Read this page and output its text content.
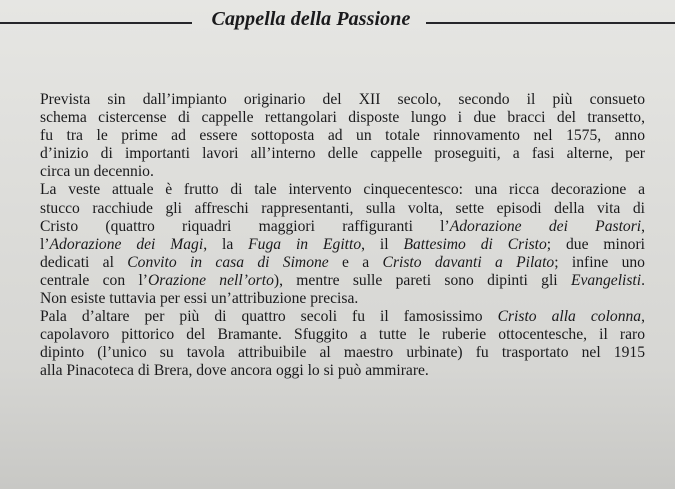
Cappella della Passione
Prevista sin dall’impianto originario del XII secolo, secondo il più consueto
schema cistercense di cappelle rettangolari disposte lungo i due bracci del transetto,
fu tra le prime ad essere sottoposta ad un totale rinnovamento nel 1575, anno
d’inizio di importanti lavori all’interno delle cappelle proseguiti, a fasi alterne, per
circa un decennio.
La veste attuale è frutto di tale intervento cinquecentesco: una ricca decorazione a
stucco racchiude gli affreschi rappresentanti, sulla volta, sette episodi della vita di
Cristo (quattro riquadri maggiori raffiguranti l’Adorazione dei Pastori,
l’Adorazione dei Magi, la Fuga in Egitto, il Battesimo di Cristo; due minori
dedicati al Convito in casa di Simone e a Cristo davanti a Pilato; infine uno
centrale con l’Orazione nell’orto), mentre sulle pareti sono dipinti gli Evangelisti.
Non esiste tuttavia per essi un’attribuzione precisa.
Pala d’altare per più di quattro secoli fu il famosissimo Cristo alla colonna,
capolavoro pittorico del Bramante. Sfuggito a tutte le ruberie ottocentesche, il raro
dipinto (l’unico su tavola attribuibile al maestro urbinate) fu trasportato nel 1915
alla Pinacoteca di Brera, dove ancora oggi lo si può ammirare.
